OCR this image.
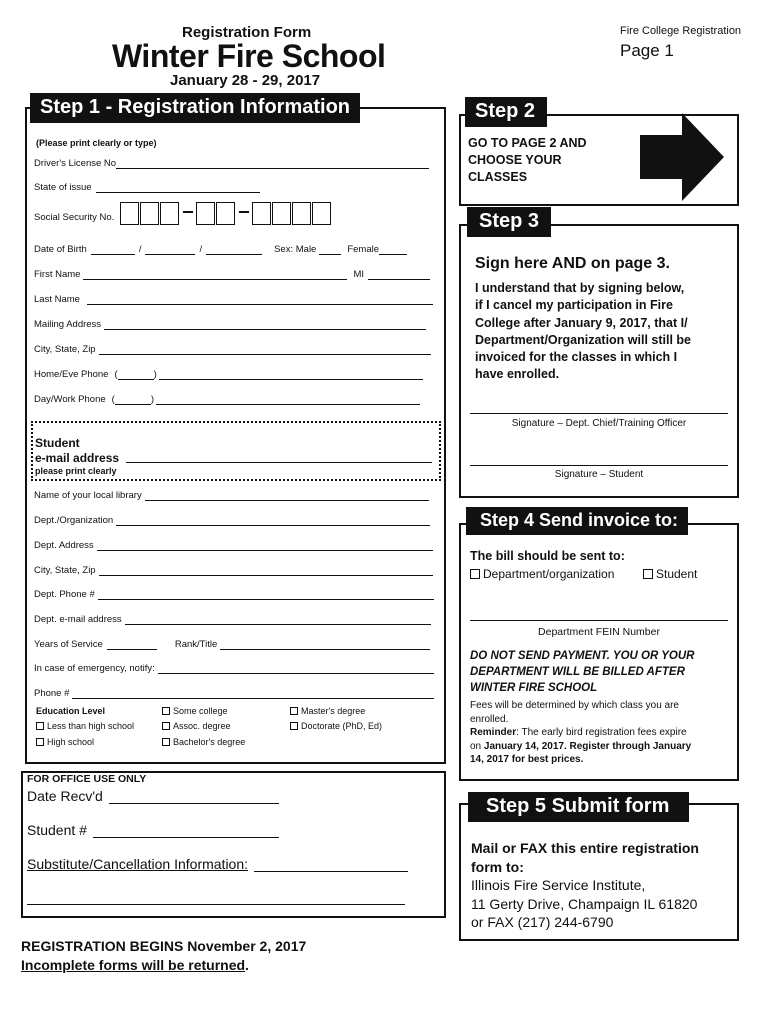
Registration Form
Winter Fire School
January 28 - 29, 2017
Fire College Registration
Page 1
Step 1 - Registration Information
(Please print clearly or type)
Driver's License No
State of issue
Social Security No.
Date of Birth	/	/	Sex: Male	Female
First Name	MI
Last Name
Mailing Address
City, State, Zip
Home/Eve Phone (	)
Day/Work Phone (	)
Student
e-mail address
please print clearly
Name of your local library
Dept./Organization
Dept. Address
City, State, Zip
Dept. Phone #
Dept. e-mail address
Years of Service	Rank/Title
In case of emergency, notify:
Phone #
Education Level
Less than high school
High school
Some college
Assoc. degree
Bachelor's degree
Master's degree
Doctorate (PhD, Ed)
FOR OFFICE USE ONLY
Date Recv'd
Student #
Substitute/Cancellation Information:
REGISTRATION BEGINS November 2, 2017
Incomplete forms will be returned.
Step 2
GO TO PAGE 2 AND
CHOOSE YOUR
CLASSES
Step 3
Sign here AND on page 3.
I understand that by signing below,
if I cancel my participation in Fire
College after January 9, 2017, that I/
Department/Organization will still be
invoiced for the classes in which I
have enrolled.
Signature – Dept. Chief/Training Officer
Signature – Student
Step 4 Send invoice to:
The bill should be sent to:
Department/organization	Student
Department FEIN Number
DO NOT SEND PAYMENT. YOU OR YOUR
DEPARTMENT WILL BE BILLED AFTER
WINTER FIRE SCHOOL
Fees will be determined by which class you are
enrolled.
Reminder: The early bird registration fees expire
on January 14, 2017. Register through January
14, 2017 for best prices.
Step 5 Submit form
Mail or FAX this entire registration
form to:
Illinois Fire Service Institute,
11 Gerty Drive, Champaign IL 61820
or FAX (217) 244-6790
